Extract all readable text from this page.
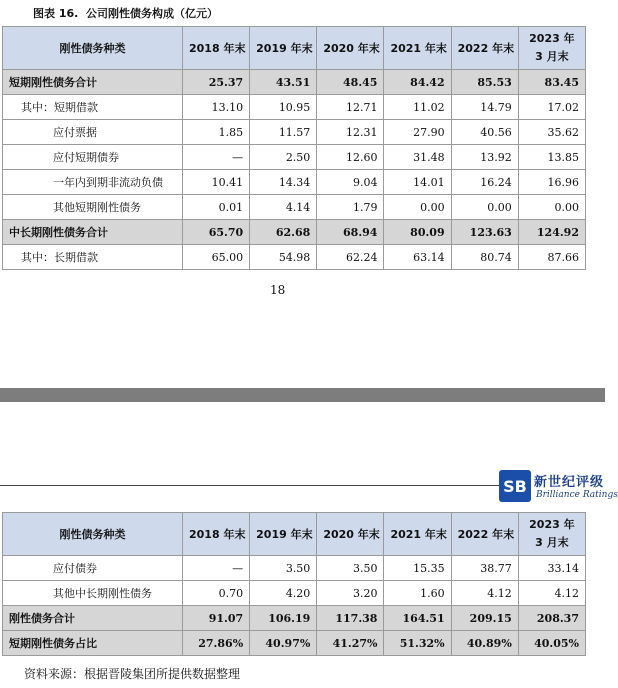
图表 16. 公司刚性债务构成（亿元）
刚性债务种类	2018 年末	2019 年末	2020 年末	2021 年末	2022 年末	2023 年
3 月末
短期刚性债务合计	25.37	43.51	48.45	84.42	85.53	83.45
其中：短期借款	13.10	10.95	12.71	11.02	14.79	17.02
应付票据	1.85	11.57	12.31	27.90	40.56	35.62
应付短期债券	—	2.50	12.60	31.48	13.92	13.85
一年内到期非流动负债	10.41	14.34	9.04	14.01	16.24	16.96
其他短期刚性债务	0.01	4.14	1.79	0.00	0.00	0.00
中长期刚性债务合计	65.70	62.68	68.94	80.09	123.63	124.92
其中：长期借款	65.00	54.98	62.24	63.14	80.74	87.66
18
SB 新世纪评级
Brilliance Ratings
刚性债务种类	2018 年末	2019 年末	2020 年末	2021 年末	2022 年末	2023 年
3 月末
应付债券	—	3.50	3.50	15.35	38.77	33.14
其他中长期刚性债务	0.70	4.20	3.20	1.60	4.12	4.12
刚性债务合计	91.07	106.19	117.38	164.51	209.15	208.37
短期刚性债务占比	27.86%	40.97%	41.27%	51.32%	40.89%	40.05%
资料来源：根据晋陵集团所提供数据整理
